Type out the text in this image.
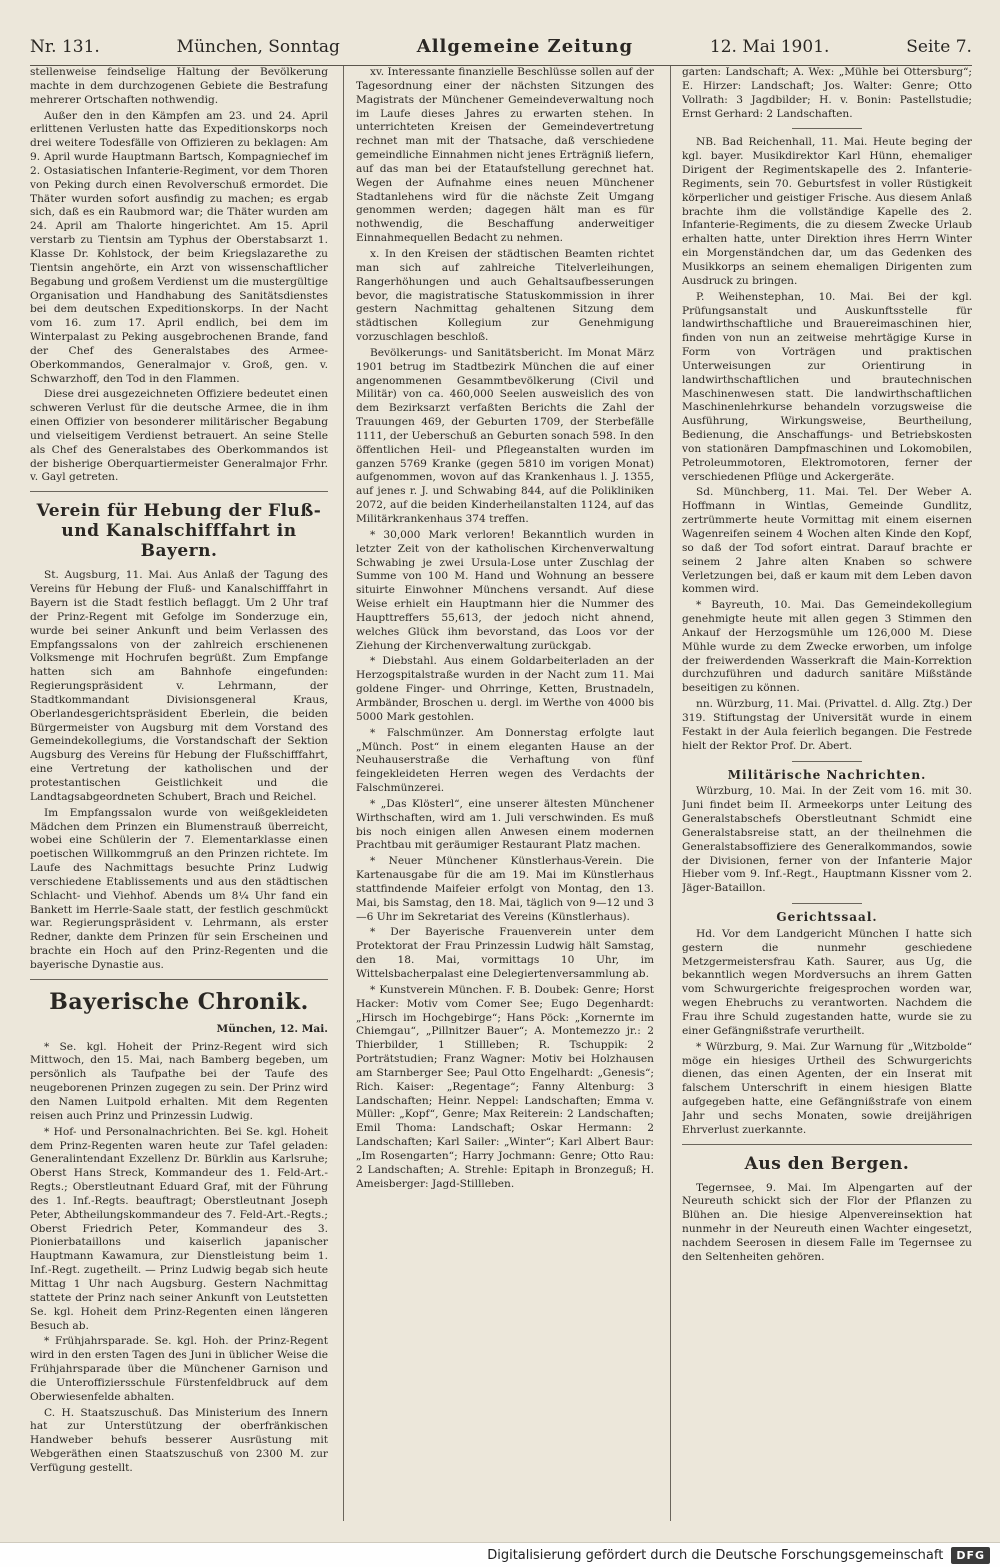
Nr. 131.	München, Sonntag	Allgemeine Zeitung	12. Mai 1901.	Seite 7.

stellenweise feindselige Haltung der Bevölkerung machte in dem durchzogenen Gebiete die Bestrafung mehrerer Ortschaften nothwendig.

Außer den in den Kämpfen am 23. und 24. April erlittenen Verlusten hatte das Expeditionskorps noch drei weitere Todesfälle von Offizieren zu beklagen: Am 9. April wurde Hauptmann Bartsch, Kompagniechef im 2. Ostasiatischen Infanterie-Regiment, vor dem Thoren von Peking durch einen Revolverschuß ermordet. Die Thäter wurden sofort ausfindig zu machen; es ergab sich, daß es ein Raubmord war; die Thäter wurden am 24. April am Thalorte hingerichtet. Am 15. April verstarb zu Tientsin am Typhus der Oberstabsarzt 1. Klasse Dr. Kohlstock, der beim Kriegslazarethe zu Tientsin angehörte, ein Arzt von wissenschaftlicher Begabung und großem Verdienst um die mustergültige Organisation und Handhabung des Sanitätsdienstes bei dem deutschen Expeditionskorps. In der Nacht vom 16. zum 17. April endlich, bei dem im Winterpalast zu Peking ausgebrochenen Brande, fand der Chef des Generalstabes des Armee-Oberkommandos, Generalmajor v. Groß, gen. v. Schwarzhoff, den Tod in den Flammen.

Diese drei ausgezeichneten Offiziere bedeutet einen schweren Verlust für die deutsche Armee, die in ihm einen Offizier von besonderer militärischer Begabung und vielseitigem Verdienst betrauert. An seine Stelle als Chef des Generalstabes des Oberkommandos ist der bisherige Oberquartiermeister Generalmajor Frhr. v. Gayl getreten.

Verein für Hebung der Fluß- und Kanalschifffahrt in Bayern.

St. Augsburg, 11. Mai. Aus Anlaß der Tagung des Vereins für Hebung der Fluß- und Kanalschifffahrt in Bayern ist die Stadt festlich beflaggt. Um 2 Uhr traf der Prinz-Regent mit Gefolge im Sonderzuge ein, wurde bei seiner Ankunft und beim Verlassen des Empfangssalons von der zahlreich erschienenen Volksmenge mit Hochrufen begrüßt. Zum Empfange hatten sich am Bahnhofe eingefunden: Regierungspräsident v. Lehrmann, der Stadtkommandant Divisionsgeneral Kraus, Oberlandesgerichtspräsident Eberlein, die beiden Bürgermeister von Augsburg mit dem Vorstand des Gemeindekollegiums, die Vorstandschaft der Sektion Augsburg des Vereins für Hebung der Flußschifffahrt, eine Vertretung der katholischen und der protestantischen Geistlichkeit und die Landtagsabgeordneten Schubert, Brach und Reichel.

Im Empfangssalon wurde von weißgekleideten Mädchen dem Prinzen ein Blumenstrauß überreicht, wobei eine Schülerin der 7. Elementarklasse einen poetischen Willkommgruß an den Prinzen richtete. Im Laufe des Nachmittags besuchte Prinz Ludwig verschiedene Etablissements und aus den städtischen Schlacht- und Viehhof. Abends um 8¼ Uhr fand ein Bankett im Herrle-Saale statt, der festlich geschmückt war. Regierungspräsident v. Lehrmann, als erster Redner, dankte dem Prinzen für sein Erscheinen und brachte ein Hoch auf den Prinz-Regenten und die bayerische Dynastie aus.

Bayerische Chronik.
München, 12. Mai.

* Se. kgl. Hoheit der Prinz-Regent wird sich Mittwoch, den 15. Mai, nach Bamberg begeben, um persönlich als Taufpathe bei der Taufe des neugeborenen Prinzen zugegen zu sein. Der Prinz wird den Namen Luitpold erhalten. Mit dem Regenten reisen auch Prinz und Prinzessin Ludwig.

* Hof- und Personalnachrichten. Bei Se. kgl. Hoheit dem Prinz-Regenten waren heute zur Tafel geladen: Generalintendant Exzellenz Dr. Bürklin aus Karlsruhe; Oberst Hans Streck, Kommandeur des 1. Feld-Art.-Regts.; Oberstleutnant Eduard Graf, mit der Führung des 1. Inf.-Regts. beauftragt; Oberstleutnant Joseph Peter, Abtheilungskommandeur des 7. Feld-Art.-Regts.; Oberst Friedrich Peter, Kommandeur des 3. Pionierbataillons und kaiserlich japanischer Hauptmann Kawamura, zur Dienstleistung beim 1. Inf.-Regt. zugetheilt. — Prinz Ludwig begab sich heute Mittag 1 Uhr nach Augsburg. Gestern Nachmittag stattete der Prinz nach seiner Ankunft von Leutstetten Se. kgl. Hoheit dem Prinz-Regenten einen längeren Besuch ab.

* Frühjahrsparade. Se. kgl. Hoh. der Prinz-Regent wird in den ersten Tagen des Juni in üblicher Weise die Frühjahrsparade über die Münchener Garnison und die Unteroffiziersschule Fürstenfeldbruck auf dem Oberwiesenfelde abhalten.

C. H. Staatszuschuß. Das Ministerium des Innern hat zur Unterstützung der oberfränkischen Handweber behufs besserer Ausrüstung mit Webgeräthen einen Staatszuschuß von 2300 M. zur Verfügung gestellt.

xv. Interessante finanzielle Beschlüsse sollen auf der Tagesordnung einer der nächsten Sitzungen des Magistrats der Münchener Gemeindeverwaltung noch im Laufe dieses Jahres zu erwarten stehen. In unterrichteten Kreisen der Gemeindevertretung rechnet man mit der Thatsache, daß verschiedene gemeindliche Einnahmen nicht jenes Erträgniß liefern, auf das man bei der Etataufstellung gerechnet hat. Wegen der Aufnahme eines neuen Münchener Stadtanlehens wird für die nächste Zeit Umgang genommen werden; dagegen hält man es für nothwendig, die Beschaffung anderweitiger Einnahmequellen Bedacht zu nehmen.

x. In den Kreisen der städtischen Beamten richtet man sich auf zahlreiche Titelverleihungen, Rangerhöhungen und auch Gehaltsaufbesserungen bevor, die magistratische Statuskommission in ihrer gestern Nachmittag gehaltenen Sitzung dem städtischen Kollegium zur Genehmigung vorzuschlagen beschloß.

Bevölkerungs- und Sanitätsbericht. Im Monat März 1901 betrug im Stadtbezirk München die auf einer angenommenen Gesammtbevölkerung (Civil und Militär) von ca. 460,000 Seelen ausweislich des von dem Bezirksarzt verfaßten Berichts die Zahl der Trauungen 469, der Geburten 1709, der Sterbefälle 1111, der Ueberschuß an Geburten sonach 598. In den öffentlichen Heil- und Pflegeanstalten wurden im ganzen 5769 Kranke (gegen 5810 im vorigen Monat) aufgenommen, wovon auf das Krankenhaus l. J. 1355, auf jenes r. J. und Schwabing 844, auf die Polikliniken 2072, auf die beiden Kinderheilanstalten 1124, auf das Militärkrankenhaus 374 treffen.

* 30,000 Mark verloren! Bekanntlich wurden in letzter Zeit von der katholischen Kirchenverwaltung Schwabing je zwei Ursula-Lose unter Zuschlag der Summe von 100 M. Hand und Wohnung an bessere situirte Einwohner Münchens versandt. Auf diese Weise erhielt ein Hauptmann hier die Nummer des Haupttreffers 55,613, der jedoch nicht ahnend, welches Glück ihm bevorstand, das Loos vor der Ziehung der Kirchenverwaltung zurückgab.

* Diebstahl. Aus einem Goldarbeiterladen an der Herzogspitalstraße wurden in der Nacht zum 11. Mai goldene Finger- und Ohrringe, Ketten, Brustnadeln, Armbänder, Broschen u. dergl. im Werthe von 4000 bis 5000 Mark gestohlen.

* Falschmünzer. Am Donnerstag erfolgte laut „Münch. Post“ in einem eleganten Hause an der Neuhauserstraße die Verhaftung von fünf feingekleideten Herren wegen des Verdachts der Falschmünzerei.

* „Das Klösterl“, eine unserer ältesten Münchener Wirthschaften, wird am 1. Juli verschwinden. Es muß bis noch einigen allen Anwesen einem modernen Prachtbau mit geräumiger Restaurant Platz machen.

* Neuer Münchener Künstlerhaus-Verein. Die Kartenausgabe für die am 19. Mai im Künstlerhaus stattfindende Maifeier erfolgt von Montag, den 13. Mai, bis Samstag, den 18. Mai, täglich von 9—12 und 3—6 Uhr im Sekretariat des Vereins (Künstlerhaus).

* Der Bayerische Frauenverein unter dem Protektorat der Frau Prinzessin Ludwig hält Samstag, den 18. Mai, vormittags 10 Uhr, im Wittelsbacherpalast eine Delegiertenversammlung ab.

* Kunstverein München. F. B. Doubek: Genre; Horst Hacker: Motiv vom Comer See; Eugo Degenhardt: „Hirsch im Hochgebirge“; Hans Pöck: „Kornernte im Chiemgau“, „Pillnitzer Bauer“; A. Montemezzo jr.: 2 Thierbilder, 1 Stillleben; R. Tschuppik: 2 Porträtstudien; Franz Wagner: Motiv bei Holzhausen am Starnberger See; Paul Otto Engelhardt: „Genesis“; Rich. Kaiser: „Regentage“; Fanny Altenburg: 3 Landschaften; Heinr. Neppel: Landschaften; Emma v. Müller: „Kopf“, Genre; Max Reiterein: 2 Landschaften; Emil Thoma: Landschaft; Oskar Hermann: 2 Landschaften; Karl Sailer: „Winter“; Karl Albert Baur: „Im Rosengarten“; Harry Jochmann: Genre; Otto Rau: 2 Landschaften; A. Strehle: Epitaph in Bronzeguß; H. Ameisberger: Jagd-Stillleben.

garten: Landschaft; A. Wex: „Mühle bei Ottersburg“; E. Hirzer: Landschaft; Jos. Walter: Genre; Otto Vollrath: 3 Jagdbilder; H. v. Bonin: Pastellstudie; Ernst Gerhard: 2 Landschaften.

NB. Bad Reichenhall, 11. Mai. Heute beging der kgl. bayer. Musikdirektor Karl Hünn, ehemaliger Dirigent der Regimentskapelle des 2. Infanterie-Regiments, sein 70. Geburtsfest in voller Rüstigkeit körperlicher und geistiger Frische. Aus diesem Anlaß brachte ihm die vollständige Kapelle des 2. Infanterie-Regiments, die zu diesem Zwecke Urlaub erhalten hatte, unter Direktion ihres Herrn Winter ein Morgenständchen dar, um das Gedenken des Musikkorps an seinem ehemaligen Dirigenten zum Ausdruck zu bringen.

P. Weihenstephan, 10. Mai. Bei der kgl. Prüfungsanstalt und Auskunftsstelle für landwirthschaftliche und Brauereimaschinen hier, finden von nun an zeitweise mehrtägige Kurse in Form von Vorträgen und praktischen Unterweisungen zur Orientirung in landwirthschaftlichen und brautechnischen Maschinenwesen statt. Die landwirthschaftlichen Maschinenlehrkurse behandeln vorzugsweise die Ausführung, Wirkungsweise, Beurtheilung, Bedienung, die Anschaffungs- und Betriebskosten von stationären Dampfmaschinen und Lokomobilen, Petroleummotoren, Elektromotoren, ferner der verschiedenen Pflüge und Ackergeräte.

Sd. Münchberg, 11. Mai. Tel. Der Weber A. Hoffmann in Wintlas, Gemeinde Gundlitz, zertrümmerte heute Vormittag mit einem eisernen Wagenreifen seinem 4 Wochen alten Kinde den Kopf, so daß der Tod sofort eintrat. Darauf brachte er seinem 2 Jahre alten Knaben so schwere Verletzungen bei, daß er kaum mit dem Leben davon kommen wird.

* Bayreuth, 10. Mai. Das Gemeindekollegium genehmigte heute mit allen gegen 3 Stimmen den Ankauf der Herzogsmühle um 126,000 M. Diese Mühle wurde zu dem Zwecke erworben, um infolge der freiwerdenden Wasserkraft die Main-Korrektion durchzuführen und dadurch sanitäre Mißstände beseitigen zu können.

nn. Würzburg, 11. Mai. (Privattel. d. Allg. Ztg.) Der 319. Stiftungstag der Universität wurde in einem Festakt in der Aula feierlich begangen. Die Festrede hielt der Rektor Prof. Dr. Abert.

Militärische Nachrichten.

Würzburg, 10. Mai. In der Zeit vom 16. mit 30. Juni findet beim II. Armeekorps unter Leitung des Generalstabschefs Oberstleutnant Schmidt eine Generalstabsreise statt, an der theilnehmen die Generalstabsoffiziere des Generalkommandos, sowie der Divisionen, ferner von der Infanterie Major Hieber vom 9. Inf.-Regt., Hauptmann Kissner vom 2. Jäger-Bataillon.

Gerichtssaal.

Hd. Vor dem Landgericht München I hatte sich gestern die nunmehr geschiedene Metzgermeistersfrau Kath. Saurer, aus Ug, die bekanntlich wegen Mordversuchs an ihrem Gatten vom Schwurgerichte freigesprochen worden war, wegen Ehebruchs zu verantworten. Nachdem die Frau ihre Schuld zugestanden hatte, wurde sie zu einer Gefängnißstrafe verurtheilt.

* Würzburg, 9. Mai. Zur Warnung für „Witzbolde“ möge ein hiesiges Urtheil des Schwurgerichts dienen, das einen Agenten, der ein Inserat mit falschem Unterschrift in einem hiesigen Blatte aufgegeben hatte, eine Gefängnißstrafe von einem Jahr und sechs Monaten, sowie dreijährigen Ehrverlust zuerkannte.

Aus den Bergen.

Tegernsee, 9. Mai. Im Alpengarten auf der Neureuth schickt sich der Flor der Pflanzen zu Blühen an. Die hiesige Alpenvereinsektion hat nunmehr in der Neureuth einen Wachter eingesetzt, nachdem Seerosen in diesem Falle im Tegernsee zu den Seltenheiten gehören.

Digitalisierung gefördert durch die Deutsche Forschungsgemeinschaft	DFG
